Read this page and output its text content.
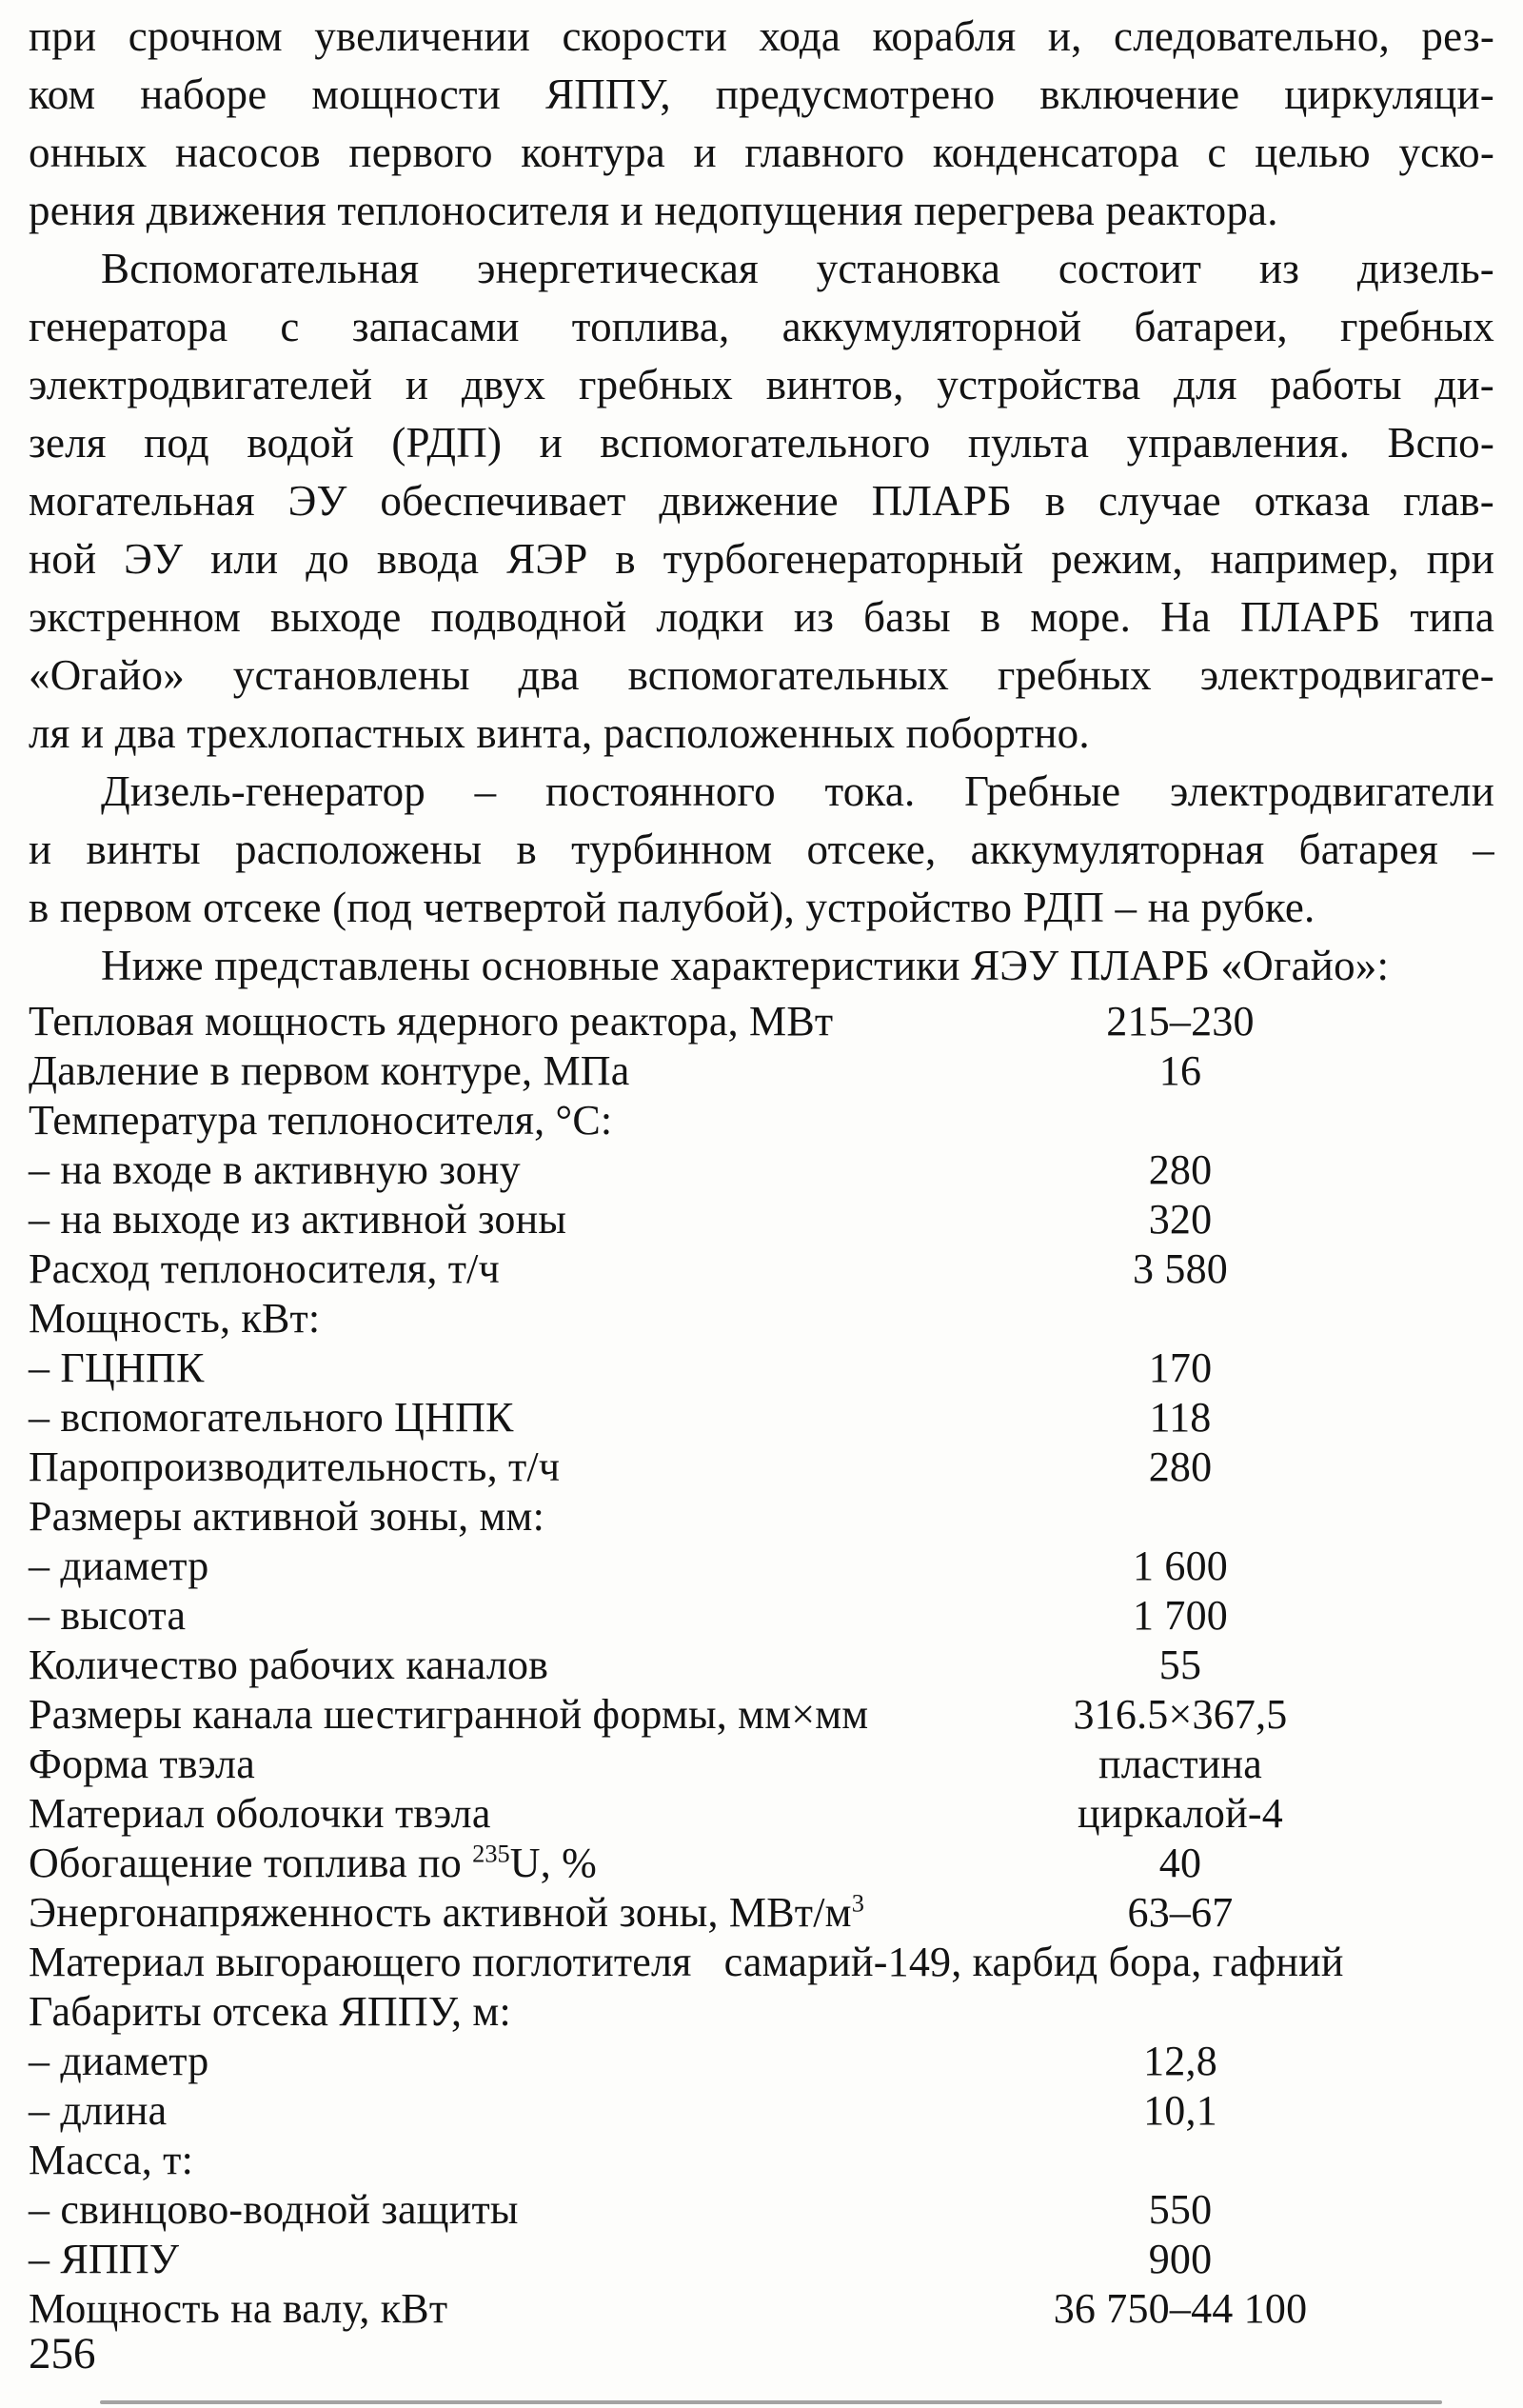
при срочном увеличении скорости хода корабля и, следовательно, рез-
ком наборе мощности ЯППУ, предусмотрено включение циркуляци-
онных насосов первого контура и главного конденсатора с целью уско-
рения движения теплоносителя и недопущения перегрева реактора.
Вспомогательная энергетическая установка состоит из дизель-
генератора с запасами топлива, аккумуляторной батареи, гребных
электродвигателей и двух гребных винтов, устройства для работы ди-
зеля под водой (РДП) и вспомогательного пульта управления. Вспо-
могательная ЭУ обеспечивает движение ПЛАРБ в случае отказа глав-
ной ЭУ или до ввода ЯЭР в турбогенераторный режим, например, при
экстренном выходе подводной лодки из базы в море. На ПЛАРБ типа
«Огайо» установлены два вспомогательных гребных электродвигате-
ля и два трехлопастных винта, расположенных побортно.
Дизель-генератор – постоянного тока. Гребные электродвигатели
и винты расположены в турбинном отсеке, аккумуляторная батарея –
в первом отсеке (под четвертой палубой), устройство РДП – на рубке.
Ниже представлены основные характеристики ЯЭУ ПЛАРБ «Огайо»:
Тепловая мощность ядерного реактора, МВт	215–230
Давление в первом контуре, МПа	16
Температура теплоносителя, °С:
– на входе в активную зону	280
– на выходе из активной зоны	320
Расход теплоносителя, т/ч	3 580
Мощность, кВт:
– ГЦНПК	170
– вспомогательного ЦНПК	118
Паропроизводительность, т/ч	280
Размеры активной зоны, мм:
– диаметр	1 600
– высота	1 700
Количество рабочих каналов	55
Размеры канала шестигранной формы, мм×мм	316.5×367,5
Форма твэла	пластина
Материал оболочки твэла	циркалой-4
Обогащение топлива по $^{235}$U, %	40
Энергонапряженность активной зоны, МВт/$м^3$	63–67
Материал выгорающего поглотителя самарий-149, карбид бора, гафний
Габариты отсека ЯППУ, м:
– диаметр	12,8
– длина	10,1
Масса, т:
– свинцово-водной защиты	550
– ЯППУ	900
Мощность на валу, кВт	36 750–44 100
256
